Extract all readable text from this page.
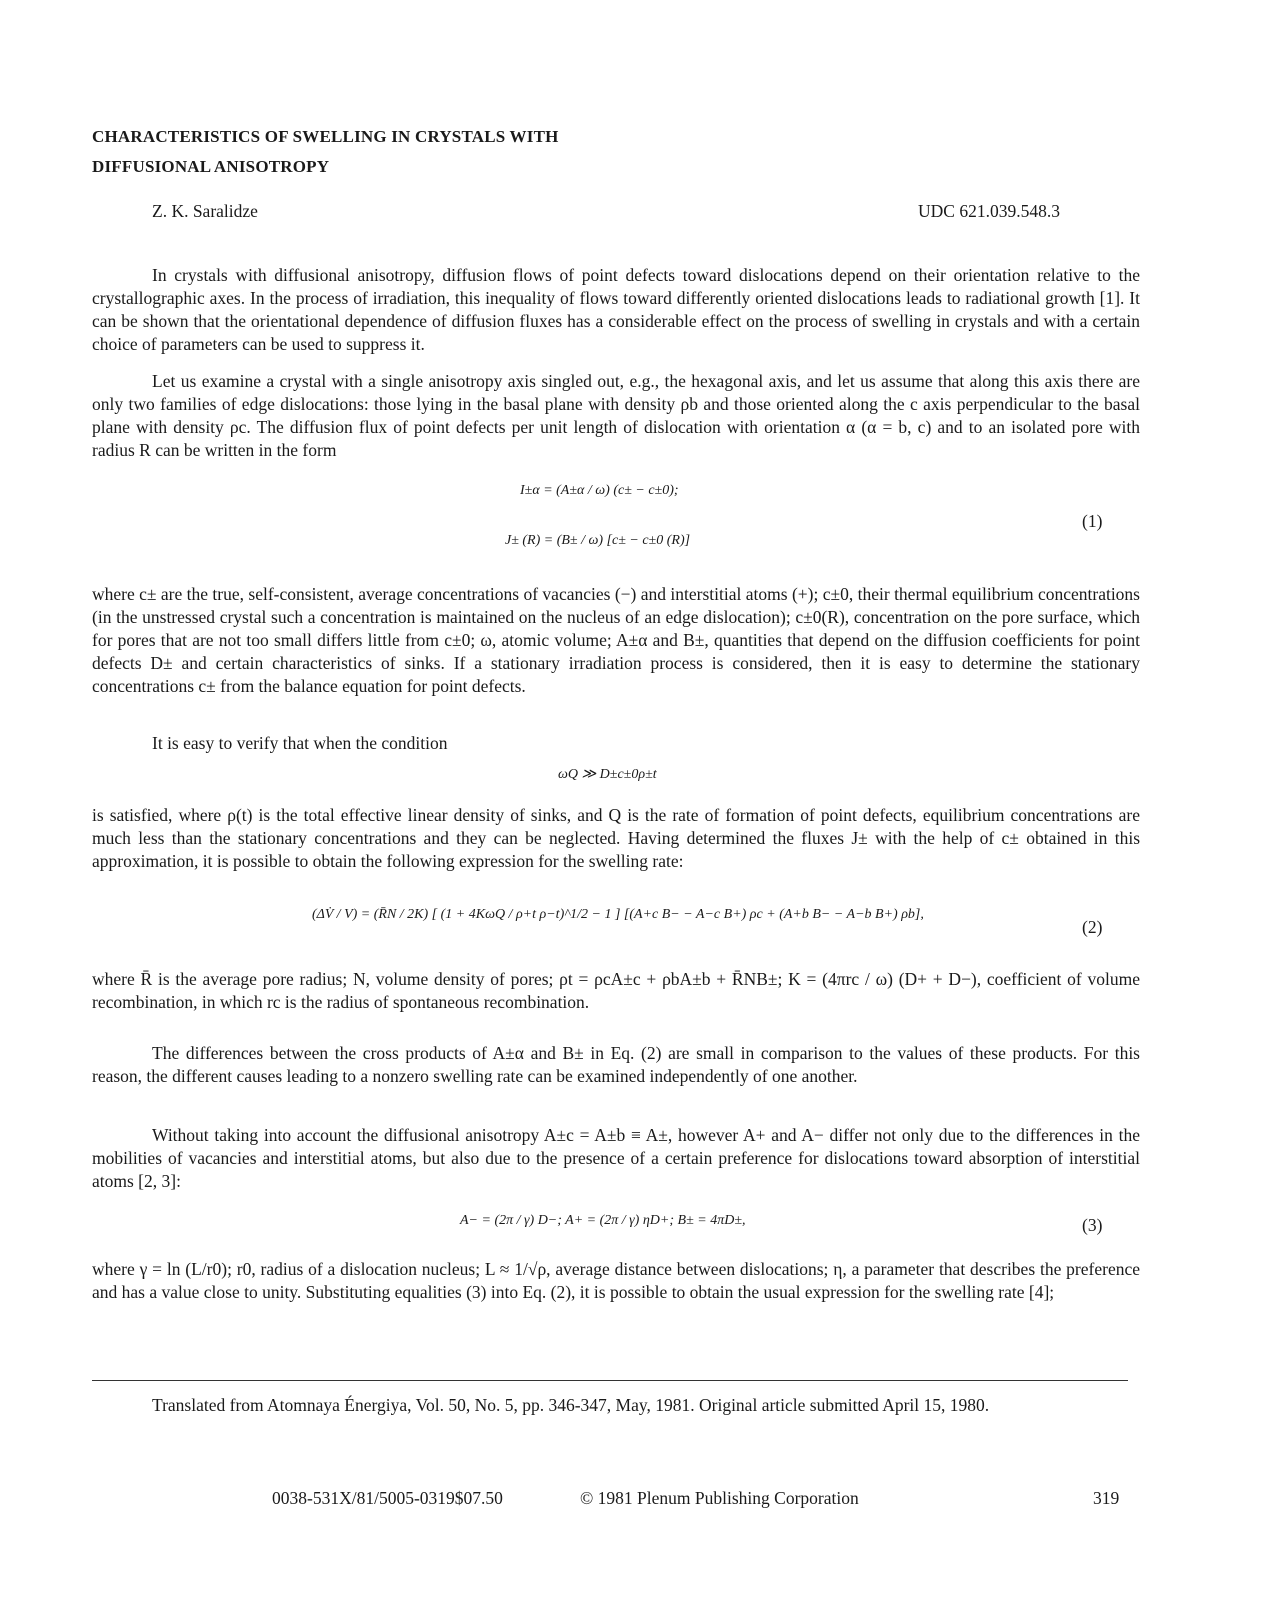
CHARACTERISTICS OF SWELLING IN CRYSTALS WITH
DIFFUSIONAL ANISOTROPY
Z. K. Saralidze	UDC 621.039.548.3
In crystals with diffusional anisotropy, diffusion flows of point defects toward dislocations depend on their orientation relative to the crystallographic axes. In the process of irradiation, this inequality of flows toward differently oriented dislocations leads to radiational growth [1]. It can be shown that the orientational dependence of diffusion fluxes has a considerable effect on the process of swelling in crystals and with a certain choice of parameters can be used to suppress it.
Let us examine a crystal with a single anisotropy axis singled out, e.g., the hexagonal axis, and let us assume that along this axis there are only two families of edge dislocations: those lying in the basal plane with density ρb and those oriented along the c axis perpendicular to the basal plane with density ρc. The diffusion flux of point defects per unit length of dislocation with orientation α (α = b, c) and to an isolated pore with radius R can be written in the form
I±α = (A±α / ω) (c± − c±0);
J± (R) = (B± / ω) [c± − c±0 (R)]
(1)
where c± are the true, self-consistent, average concentrations of vacancies (−) and interstitial atoms (+); c±0, their thermal equilibrium concentrations (in the unstressed crystal such a concentration is maintained on the nucleus of an edge dislocation); c±0(R), concentration on the pore surface, which for pores that are not too small differs little from c±0; ω, atomic volume; A±α and B±, quantities that depend on the diffusion coefficients for point defects D± and certain characteristics of sinks. If a stationary irradiation process is considered, then it is easy to determine the stationary concentrations c± from the balance equation for point defects.
It is easy to verify that when the condition
ωQ ≫ D±c±0ρ±t
is satisfied, where ρ(t) is the total effective linear density of sinks, and Q is the rate of formation of point defects, equilibrium concentrations are much less than the stationary concentrations and they can be neglected. Having determined the fluxes J± with the help of c± obtained in this approximation, it is possible to obtain the following expression for the swelling rate:
(ΔV̇ / V) = (R̄N / 2K) [ (1 + 4KωQ / ρ+t ρ−t)^1/2 − 1 ] [(A+c B− − A−c B+) ρc + (A+b B− − A−b B+) ρb],
(2)
where R̄ is the average pore radius; N, volume density of pores; ρt = ρcA±c + ρbA±b + R̄NB±; K = (4πrc / ω) (D+ + D−), coefficient of volume recombination, in which rc is the radius of spontaneous recombination.
The differences between the cross products of A±α and B± in Eq. (2) are small in comparison to the values of these products. For this reason, the different causes leading to a nonzero swelling rate can be examined independently of one another.
Without taking into account the diffusional anisotropy A±c = A±b ≡ A±, however A+ and A− differ not only due to the differences in the mobilities of vacancies and interstitial atoms, but also due to the presence of a certain preference for dislocations toward absorption of interstitial atoms [2, 3]:
A− = (2π / γ) D−; A+ = (2π / γ) ηD+; B± = 4πD±,	(3)
where γ = ln (L/r0); r0, radius of a dislocation nucleus; L ≈ 1/√ρ, average distance between dislocations; η, a parameter that describes the preference and has a value close to unity. Substituting equalities (3) into Eq. (2), it is possible to obtain the usual expression for the swelling rate [4];
Translated from Atomnaya Énergiya, Vol. 50, No. 5, pp. 346-347, May, 1981. Original article submitted April 15, 1980.
0038-531X/81/5005-0319$07.50	© 1981 Plenum Publishing Corporation	319
